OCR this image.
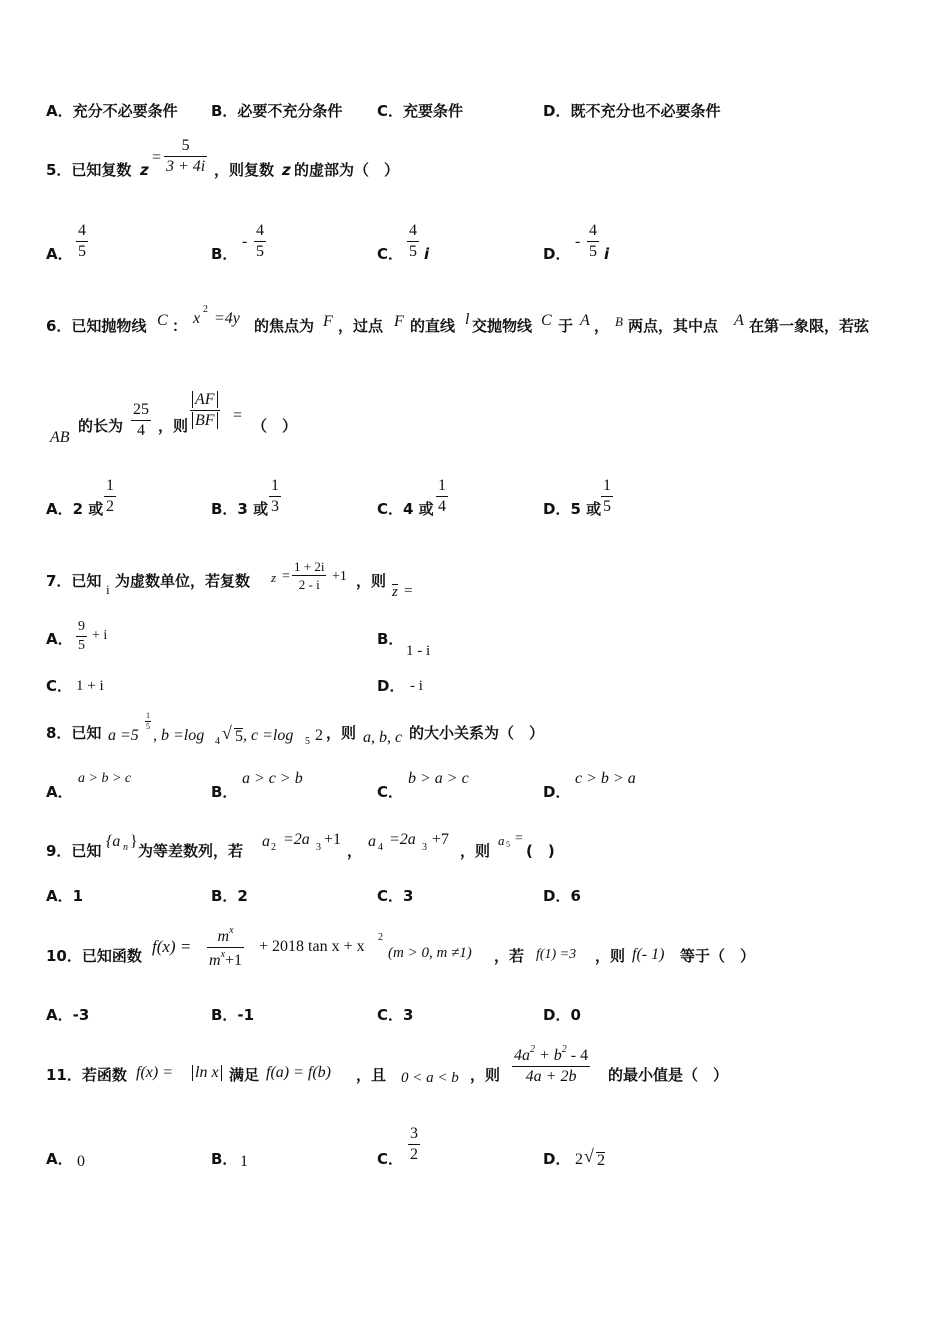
A．充分不必要条件 B．必要不充分条件 C．充要条件	D．既不充分也不必要条件
5．已知复数 z
=
5
3 + 4i ，则复数 z 的虚部为（　）
A．
4
5	B．
-
4
5	C．
4
5 i	D．
-
4
5 i
6．已知抛物线 C ： x
2
=4y 的焦点为 F ，过点 F 的直线 l 交抛物线 C 于 A ， B 两点，其中点 A 在第一象限，若弦
AB
的长为
25
4 ，则
AF
BF	=
（　）
A．2 或
1
2	B．3 或
1
3	C．4 或
1
4	D．5 或
1
5
7．已知 i 为虚数单位，若复数 z =
1 + 2i
2 - i
+1 ，则
z =
A．
9
5
+ i	B．
1 - i
C． 1 + i	D． - i
8．已知 a =5
1
5
, b =log 4 √ 5 , c =log 5 2 ，则 a, b, c 的大小关系为（　）
A．
a > b > c
B．
a > c > b
C．
b > a > c
D．
c > b > a
9．已知
{a n }
为等差数列，若
a 2 =2a 3 +1
，
a 4 =2a 3 +7
，则
a 5 =
(　)
A．1	B．2	C．3	D．6
10．已知函数 f(x) =
$m^x$
$m^x+1$
+ 2018 tan x + x
2
(m > 0, m ≠1) ，若 f(1) =3 ，则 f(- 1) 等于（　）
A．-3	B．-1	C．3	D．0
11．若函数 f(x) = ln x 满足 f(a) = f(b) ，且 0 < a < b ，则
$4a^2 + b^2 - 4$
4a + 2b 的最小值是（　）
A． 0	B． 1	C．
3
2	D． 2 √ 2
